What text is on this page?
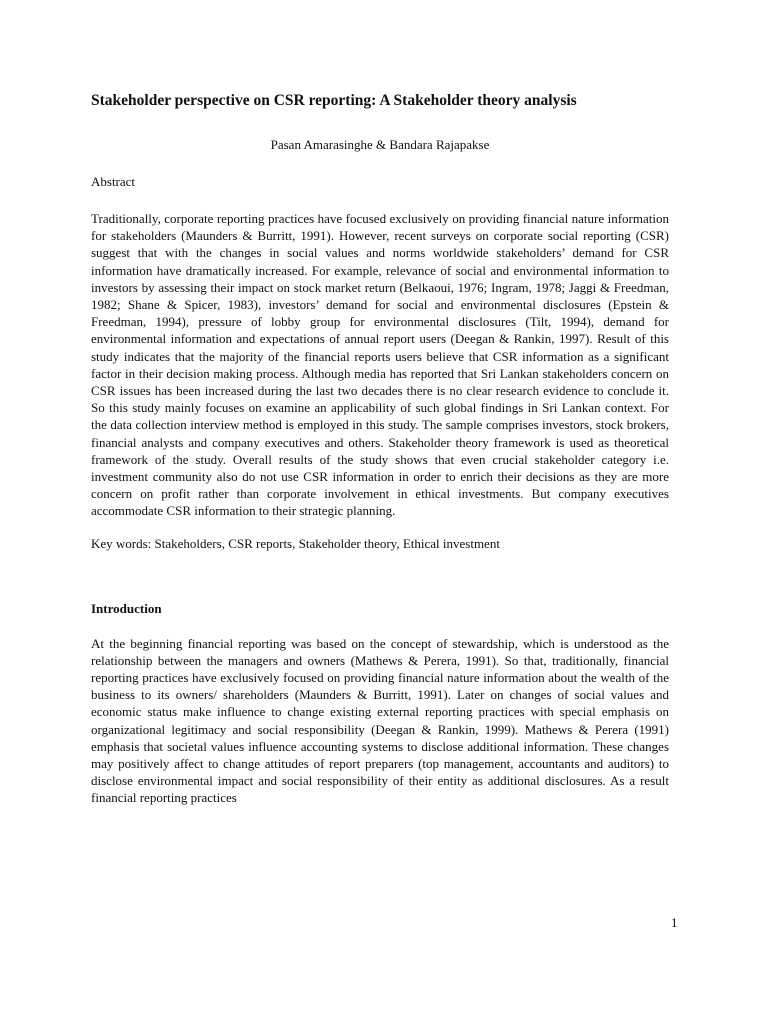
Stakeholder perspective on CSR reporting: A Stakeholder theory analysis

Pasan Amarasinghe & Bandara Rajapakse

Abstract

Traditionally, corporate reporting practices have focused exclusively on providing financial nature information for stakeholders (Maunders & Burritt, 1991). However, recent surveys on corporate social reporting (CSR) suggest that with the changes in social values and norms worldwide stakeholders’ demand for CSR information have dramatically increased. For example, relevance of social and environmental information to investors by assessing their impact on stock market return (Belkaoui, 1976; Ingram, 1978; Jaggi & Freedman, 1982; Shane & Spicer, 1983), investors’ demand for social and environmental disclosures (Epstein & Freedman, 1994), pressure of lobby group for environmental disclosures (Tilt, 1994), demand for environmental information and expectations of annual report users (Deegan & Rankin, 1997). Result of this study indicates that the majority of the financial reports users believe that CSR information as a significant factor in their decision making process. Although media has reported that Sri Lankan stakeholders concern on CSR issues has been increased during the last two decades there is no clear research evidence to conclude it. So this study mainly focuses on examine an applicability of such global findings in Sri Lankan context. For the data collection interview method is employed in this study. The sample comprises investors, stock brokers, financial analysts and company executives and others. Stakeholder theory framework is used as theoretical framework of the study. Overall results of the study shows that even crucial stakeholder category i.e. investment community also do not use CSR information in order to enrich their decisions as they are more concern on profit rather than corporate involvement in ethical investments. But company executives accommodate CSR information to their strategic planning.

Key words: Stakeholders, CSR reports, Stakeholder theory, Ethical investment

Introduction

At the beginning financial reporting was based on the concept of stewardship, which is understood as the relationship between the managers and owners (Mathews & Perera, 1991). So that, traditionally, financial reporting practices have exclusively focused on providing financial nature information about the wealth of the business to its owners/ shareholders (Maunders & Burritt, 1991). Later on changes of social values and economic status make influence to change existing external reporting practices with special emphasis on organizational legitimacy and social responsibility (Deegan & Rankin, 1999). Mathews & Perera (1991) emphasis that societal values influence accounting systems to disclose additional information. These changes may positively affect to change attitudes of report preparers (top management, accountants and auditors) to disclose environmental impact and social responsibility of their entity as additional disclosures. As a result financial reporting practices

1
